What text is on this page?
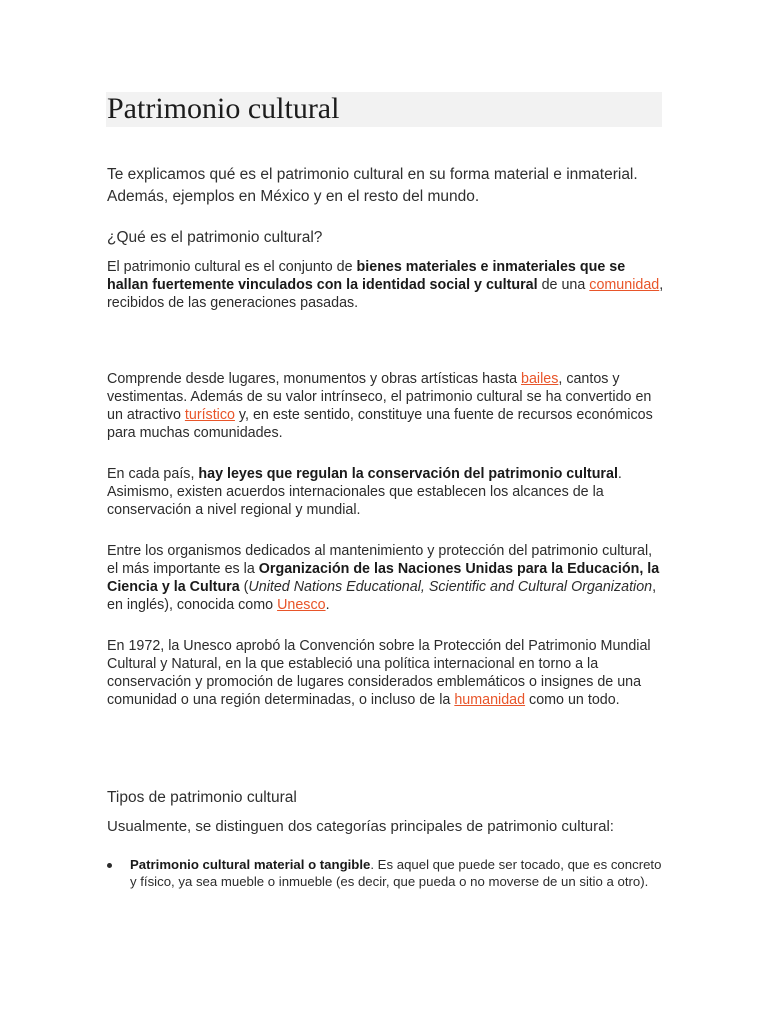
Patrimonio cultural

Te explicamos qué es el patrimonio cultural en su forma material e inmaterial. Además, ejemplos en México y en el resto del mundo.

¿Qué es el patrimonio cultural?

El patrimonio cultural es el conjunto de bienes materiales e inmateriales que se hallan fuertemente vinculados con la identidad social y cultural de una comunidad, recibidos de las generaciones pasadas.

Comprende desde lugares, monumentos y obras artísticas hasta bailes, cantos y vestimentas. Además de su valor intrínseco, el patrimonio cultural se ha convertido en un atractivo turístico y, en este sentido, constituye una fuente de recursos económicos para muchas comunidades.

En cada país, hay leyes que regulan la conservación del patrimonio cultural. Asimismo, existen acuerdos internacionales que establecen los alcances de la conservación a nivel regional y mundial.

Entre los organismos dedicados al mantenimiento y protección del patrimonio cultural, el más importante es la Organización de las Naciones Unidas para la Educación, la Ciencia y la Cultura (United Nations Educational, Scientific and Cultural Organization, en inglés), conocida como Unesco.

En 1972, la Unesco aprobó la Convención sobre la Protección del Patrimonio Mundial Cultural y Natural, en la que estableció una política internacional en torno a la conservación y promoción de lugares considerados emblemáticos o insignes de una comunidad o una región determinadas, o incluso de la humanidad como un todo.

Tipos de patrimonio cultural

Usualmente, se distinguen dos categorías principales de patrimonio cultural:

Patrimonio cultural material o tangible. Es aquel que puede ser tocado, que es concreto y físico, ya sea mueble o inmueble (es decir, que pueda o no moverse de un sitio a otro).
